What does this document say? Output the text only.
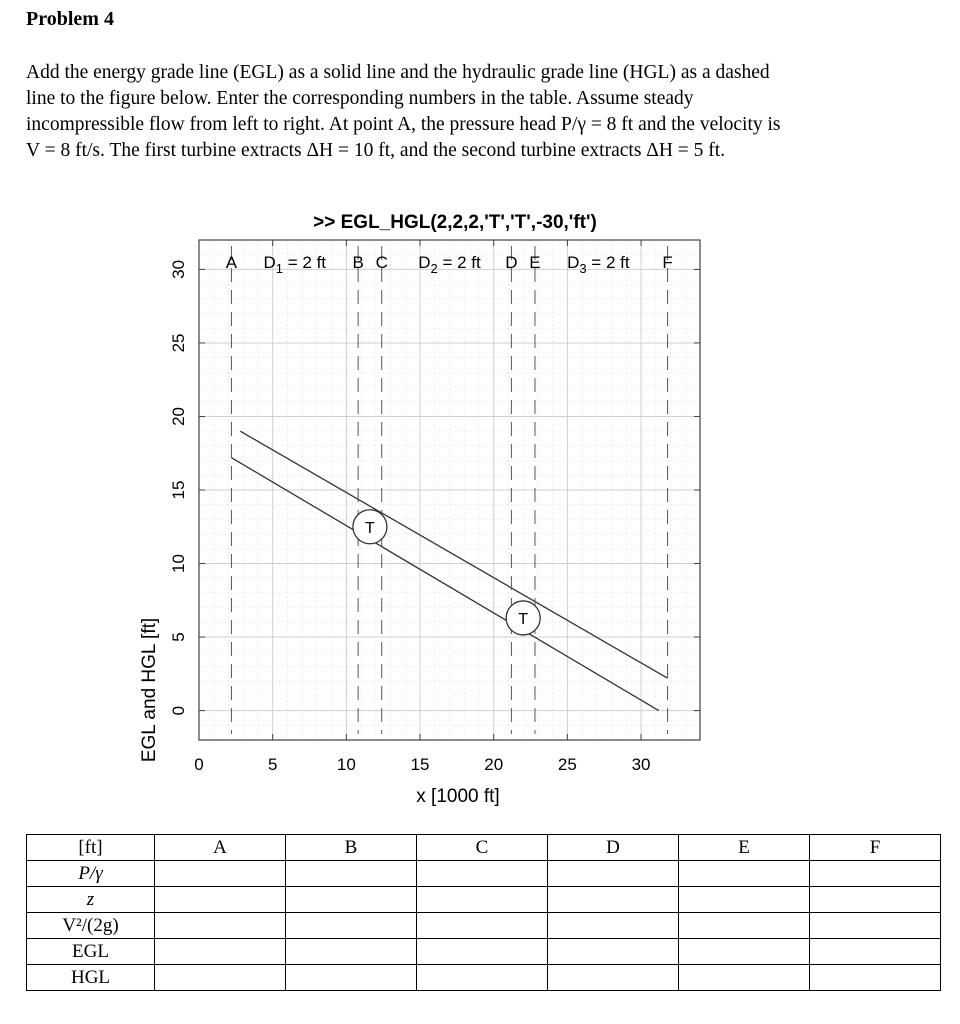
Problem 4
Add the energy grade line (EGL) as a solid line and the hydraulic grade line (HGL) as a dashed
line to the figure below. Enter the corresponding numbers in the table. Assume steady
incompressible flow from left to right. At point A, the pressure head P/γ = 8 ft and the velocity is
V = 8 ft/s. The first turbine extracts ΔH = 10 ft, and the second turbine extracts ΔH = 5 ft.
>> EGL_HGL(2,2,2,'T','T',-30,'ft')
A	B C	D E	F
$D_1 = 2$ ft	$D_2 = 2$ ft	$D_3 = 2$ ft
0	5	10	15	20	25	30
0
5
10
15
20
25
30
T
T
x [1000 ft]
EGL and HGL [ft]
[ft]	A	B	C	D	E	F
P/γ						
z						
V²/(2g)						
EGL						
HGL						
